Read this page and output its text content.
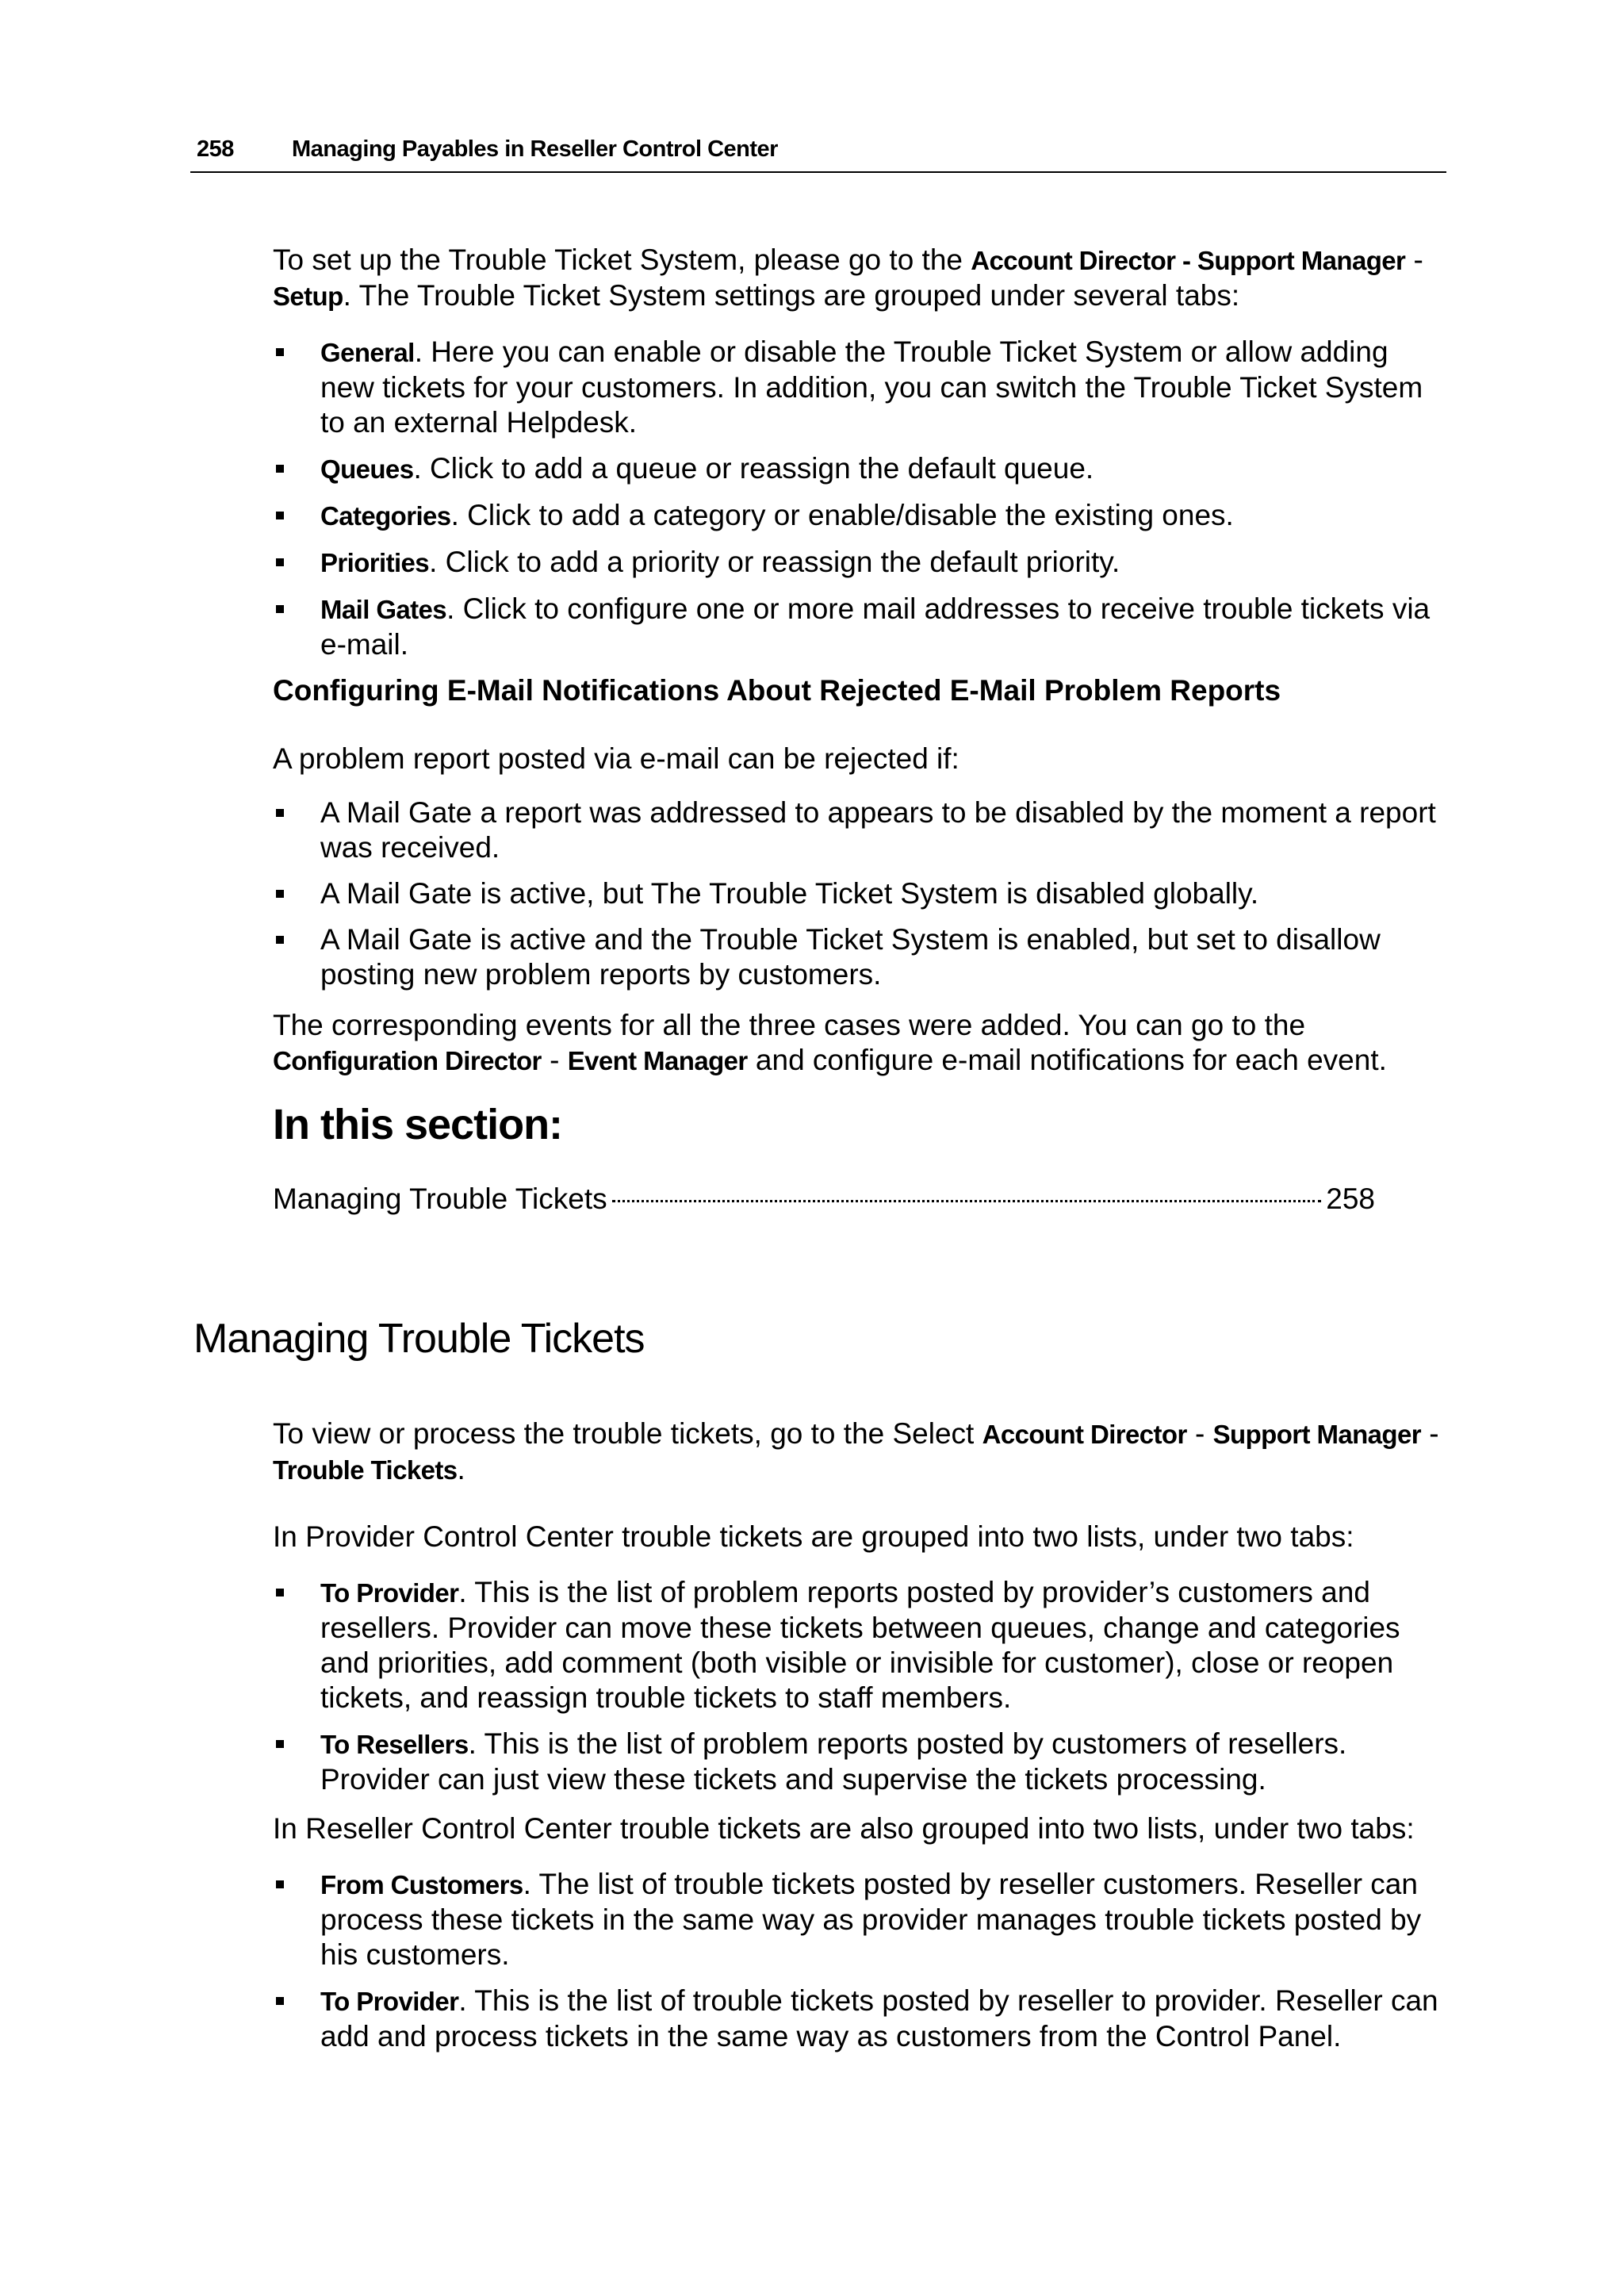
258	Managing Payables in Reseller Control Center

To set up the Trouble Ticket System, please go to the Account Director - Support Manager - Setup. The Trouble Ticket System settings are grouped under several tabs:

General. Here you can enable or disable the Trouble Ticket System or allow adding new tickets for your customers. In addition, you can switch the Trouble Ticket System to an external Helpdesk.
Queues. Click to add a queue or reassign the default queue.
Categories. Click to add a category or enable/disable the existing ones.
Priorities. Click to add a priority or reassign the default priority.
Mail Gates. Click to configure one or more mail addresses to receive trouble tickets via e-mail.
Configuring E-Mail Notifications About Rejected E-Mail Problem Reports

A problem report posted via e-mail can be rejected if:

A Mail Gate a report was addressed to appears to be disabled by the moment a report was received.
A Mail Gate is active, but The Trouble Ticket System is disabled globally.
A Mail Gate is active and the Trouble Ticket System is enabled, but set to disallow posting new problem reports by customers.

The corresponding events for all the three cases were added. You can go to the Configuration Director - Event Manager and configure e-mail notifications for each event.

In this section:
Managing Trouble Tickets	258
Managing Trouble Tickets

To view or process the trouble tickets, go to the Select Account Director - Support Manager - Trouble Tickets.

In Provider Control Center trouble tickets are grouped into two lists, under two tabs:

To Provider. This is the list of problem reports posted by provider’s customers and resellers. Provider can move these tickets between queues, change and categories and priorities, add comment (both visible or invisible for customer), close or reopen tickets, and reassign trouble tickets to staff members.
To Resellers. This is the list of problem reports posted by customers of resellers. Provider can just view these tickets and supervise the tickets processing.

In Reseller Control Center trouble tickets are also grouped into two lists, under two tabs:

From Customers. The list of trouble tickets posted by reseller customers. Reseller can process these tickets in the same way as provider manages trouble tickets posted by his customers.
To Provider. This is the list of trouble tickets posted by reseller to provider. Reseller can add and process tickets in the same way as customers from the Control Panel.
